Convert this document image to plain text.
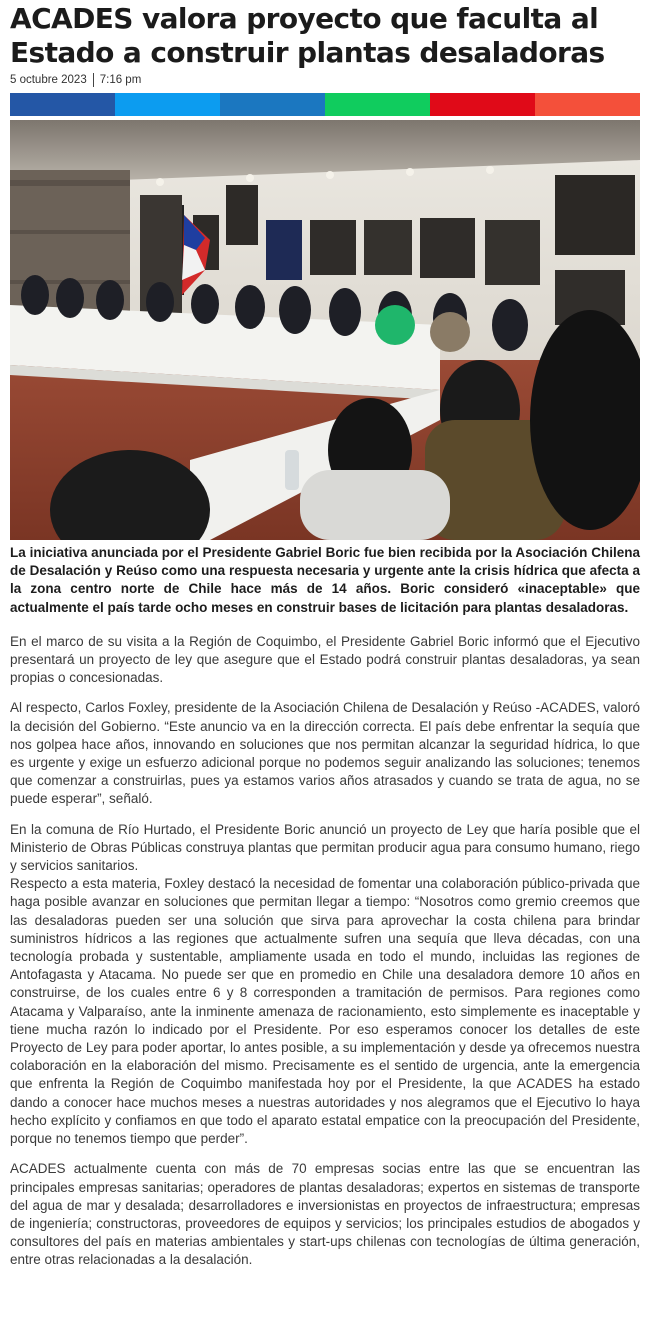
ACADES valora proyecto que faculta al Estado a construir plantas desaladoras
5 octubre 2023 7:16 pm

La iniciativa anunciada por el Presidente Gabriel Boric fue bien recibida por la Asociación Chilena de Desalación y Reúso como una respuesta necesaria y urgente ante la crisis hídrica que afecta a la zona centro norte de Chile hace más de 14 años. Boric consideró «inaceptable» que actualmente el país tarde ocho meses en construir bases de licitación para plantas desaladoras.

En el marco de su visita a la Región de Coquimbo, el Presidente Gabriel Boric informó que el Ejecutivo presentará un proyecto de ley que asegure que el Estado podrá construir plantas desaladoras, ya sean propias o concesionadas.

Al respecto, Carlos Foxley, presidente de la Asociación Chilena de Desalación y Reúso -ACADES, valoró la decisión del Gobierno. “Este anuncio va en la dirección correcta. El país debe enfrentar la sequía que nos golpea hace años, innovando en soluciones que nos permitan alcanzar la seguridad hídrica, lo que es urgente y exige un esfuerzo adicional porque no podemos seguir analizando las soluciones; tenemos que comenzar a construirlas, pues ya estamos varios años atrasados y cuando se trata de agua, no se puede esperar”, señaló.

En la comuna de Río Hurtado, el Presidente Boric anunció un proyecto de Ley que haría posible que el Ministerio de Obras Públicas construya plantas que permitan producir agua para consumo humano, riego y servicios sanitarios.

Respecto a esta materia, Foxley destacó la necesidad de fomentar una colaboración público-privada que haga posible avanzar en soluciones que permitan llegar a tiempo: “Nosotros como gremio creemos que las desaladoras pueden ser una solución que sirva para aprovechar la costa chilena para brindar suministros hídricos a las regiones que actualmente sufren una sequía que lleva décadas, con una tecnología probada y sustentable, ampliamente usada en todo el mundo, incluidas las regiones de Antofagasta y Atacama. No puede ser que en promedio en Chile una desaladora demore 10 años en construirse, de los cuales entre 6 y 8 corresponden a tramitación de permisos. Para regiones como Atacama y Valparaíso, ante la inminente amenaza de racionamiento, esto simplemente es inaceptable y tiene mucha razón lo indicado por el Presidente. Por eso esperamos conocer los detalles de este Proyecto de Ley para poder aportar, lo antes posible, a su implementación y desde ya ofrecemos nuestra colaboración en la elaboración del mismo. Precisamente es el sentido de urgencia, ante la emergencia que enfrenta la Región de Coquimbo manifestada hoy por el Presidente, la que ACADES ha estado dando a conocer hace muchos meses a nuestras autoridades y nos alegramos que el Ejecutivo lo haya hecho explícito y confiamos en que todo el aparato estatal empatice con la preocupación del Presidente, porque no tenemos tiempo que perder”.

ACADES actualmente cuenta con más de 70 empresas socias entre las que se encuentran las principales empresas sanitarias; operadores de plantas desaladoras; expertos en sistemas de transporte del agua de mar y desalada; desarrolladores e inversionistas en proyectos de infraestructura; empresas de ingeniería; constructoras, proveedores de equipos y servicios; los principales estudios de abogados y consultores del país en materias ambientales y start-ups chilenas con tecnologías de última generación, entre otras relacionadas a la desalación.
